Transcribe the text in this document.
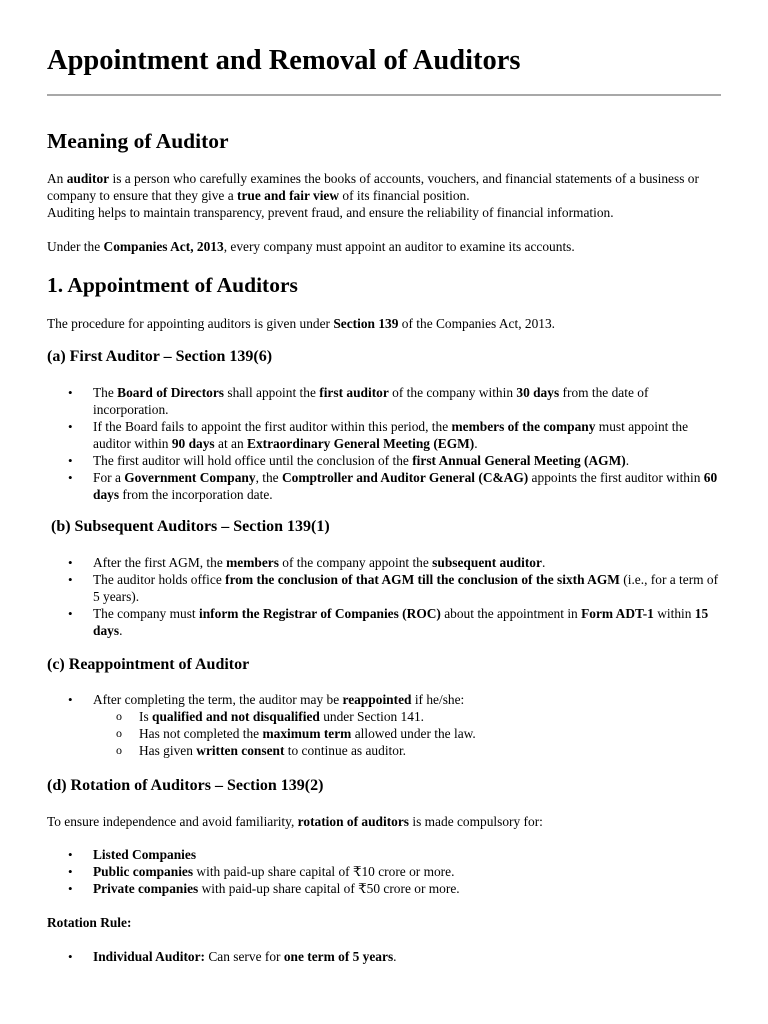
Appointment and Removal of Auditors
Meaning of Auditor
An auditor is a person who carefully examines the books of accounts, vouchers, and financial statements of a business or company to ensure that they give a true and fair view of its financial position.
Auditing helps to maintain transparency, prevent fraud, and ensure the reliability of financial information.
Under the Companies Act, 2013, every company must appoint an auditor to examine its accounts.
1. Appointment of Auditors
The procedure for appointing auditors is given under Section 139 of the Companies Act, 2013.
(a) First Auditor – Section 139(6)
• The Board of Directors shall appoint the first auditor of the company within 30 days from the date of incorporation.
• If the Board fails to appoint the first auditor within this period, the members of the company must appoint the auditor within 90 days at an Extraordinary General Meeting (EGM).
• The first auditor will hold office until the conclusion of the first Annual General Meeting (AGM).
• For a Government Company, the Comptroller and Auditor General (C&AG) appoints the first auditor within 60 days from the incorporation date.
(b) Subsequent Auditors – Section 139(1)
• After the first AGM, the members of the company appoint the subsequent auditor.
• The auditor holds office from the conclusion of that AGM till the conclusion of the sixth AGM (i.e., for a term of 5 years).
• The company must inform the Registrar of Companies (ROC) about the appointment in Form ADT-1 within 15 days.
(c) Reappointment of Auditor
• After completing the term, the auditor may be reappointed if he/she:
o Is qualified and not disqualified under Section 141.
o Has not completed the maximum term allowed under the law.
o Has given written consent to continue as auditor.
(d) Rotation of Auditors – Section 139(2)
To ensure independence and avoid familiarity, rotation of auditors is made compulsory for:
• Listed Companies
• Public companies with paid-up share capital of ₹10 crore or more.
• Private companies with paid-up share capital of ₹50 crore or more.
Rotation Rule:
• Individual Auditor: Can serve for one term of 5 years.
